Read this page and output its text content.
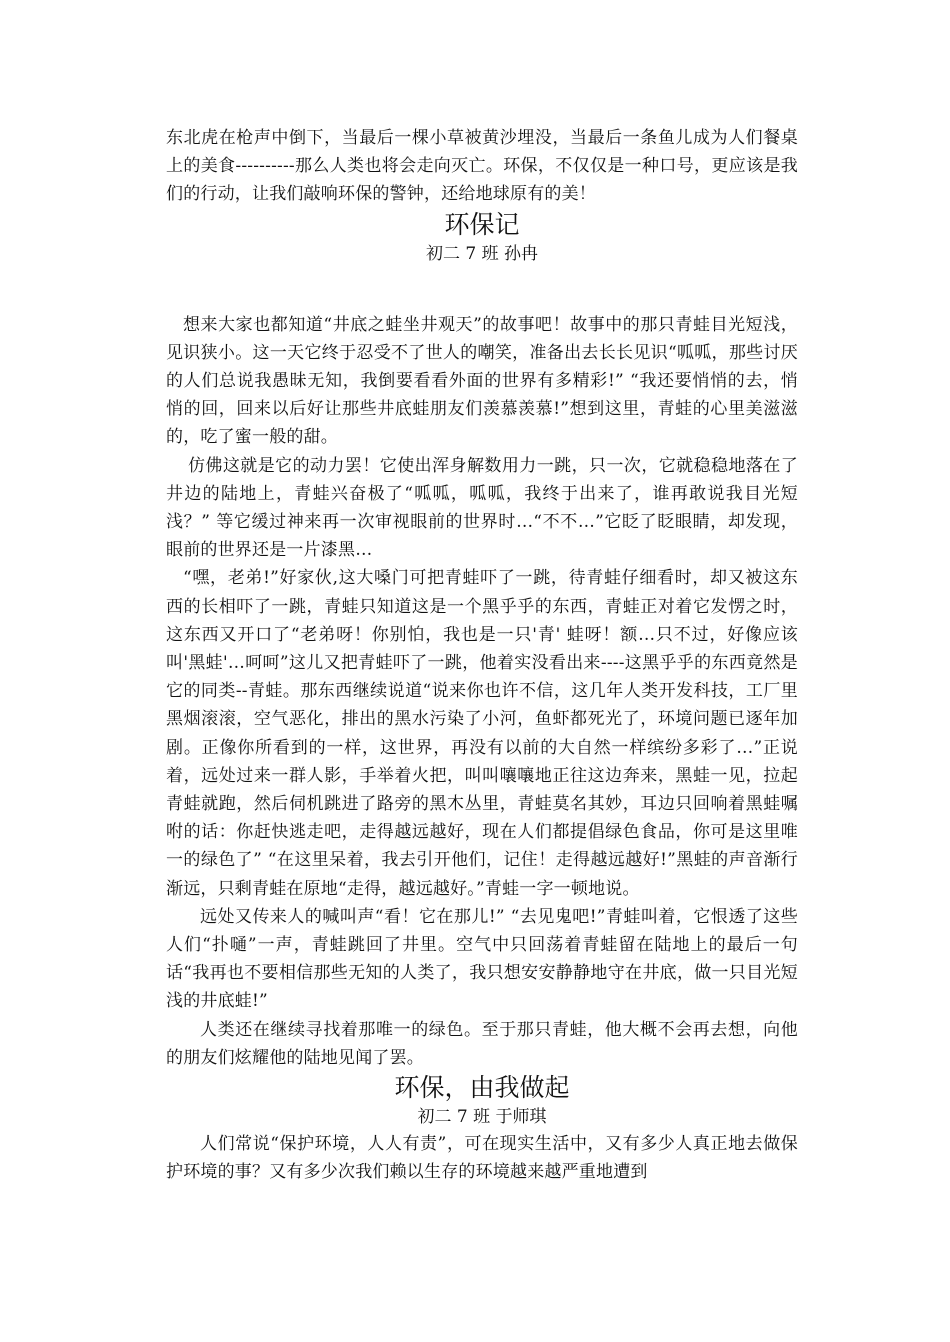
东北虎在枪声中倒下，当最后一棵小草被黄沙埋没，当最后一条鱼儿成为人们餐桌上的美食----------那么人类也将会走向灭亡。环保，不仅仅是一种口号，更应该是我们的行动，让我们敲响环保的警钟，还给地球原有的美！

环保记

初二 7 班 孙冉

想来大家也都知道“井底之蛙坐井观天”的故事吧！故事中的那只青蛙目光短浅，见识狭小。这一天它终于忍受不了世人的嘲笑，准备出去长长见识“呱呱，那些讨厌的人们总说我愚昧无知，我倒要看看外面的世界有多精彩!” “我还要悄悄的去，悄悄的回，回来以后好让那些井底蛙朋友们羡慕羡慕!”想到这里，青蛙的心里美滋滋的，吃了蜜一般的甜。

仿佛这就是它的动力罢！它使出浑身解数用力一跳，只一次，它就稳稳地落在了井边的陆地上，青蛙兴奋极了“呱呱，呱呱，我终于出来了，谁再敢说我目光短浅？” 等它缓过神来再一次审视眼前的世界时…“不不…”它眨了眨眼睛，却发现，眼前的世界还是一片漆黑…

“嘿，老弟!”好家伙,这大嗓门可把青蛙吓了一跳，待青蛙仔细看时，却又被这东西的长相吓了一跳，青蛙只知道这是一个黑乎乎的东西，青蛙正对着它发愣之时，这东西又开口了“老弟呀！你别怕，我也是一只'青' 蛙呀！额…只不过，好像应该叫'黑蛙'…呵呵”这儿又把青蛙吓了一跳，他着实没看出来----这黑乎乎的东西竟然是它的同类--青蛙。那东西继续说道“说来你也许不信，这几年人类开发科技，工厂里黑烟滚滚，空气恶化，排出的黑水污染了小河，鱼虾都死光了，环境问题已逐年加剧。正像你所看到的一样，这世界，再没有以前的大自然一样缤纷多彩了…”正说着，远处过来一群人影，手举着火把，叫叫嚷嚷地正往这边奔来，黑蛙一见，拉起青蛙就跑，然后伺机跳进了路旁的黑木丛里，青蛙莫名其妙，耳边只回响着黑蛙嘱咐的话：你赶快逃走吧，走得越远越好，现在人们都提倡绿色食品，你可是这里唯一的绿色了” “在这里呆着，我去引开他们，记住！走得越远越好!”黑蛙的声音渐行渐远，只剩青蛙在原地“走得，越远越好。”青蛙一字一顿地说。

远处又传来人的喊叫声“看！它在那儿!” “去见鬼吧!”青蛙叫着，它恨透了这些人们“扑嗵”一声，青蛙跳回了井里。空气中只回荡着青蛙留在陆地上的最后一句话“我再也不要相信那些无知的人类了，我只想安安静静地守在井底，做一只目光短浅的井底蛙!”

人类还在继续寻找着那唯一的绿色。至于那只青蛙，他大概不会再去想，向他的朋友们炫耀他的陆地见闻了罢。

环保，由我做起

初二 7 班 于师琪

人们常说“保护环境，人人有责”，可在现实生活中，又有多少人真正地去做保护环境的事？又有多少次我们赖以生存的环境越来越严重地遭到
